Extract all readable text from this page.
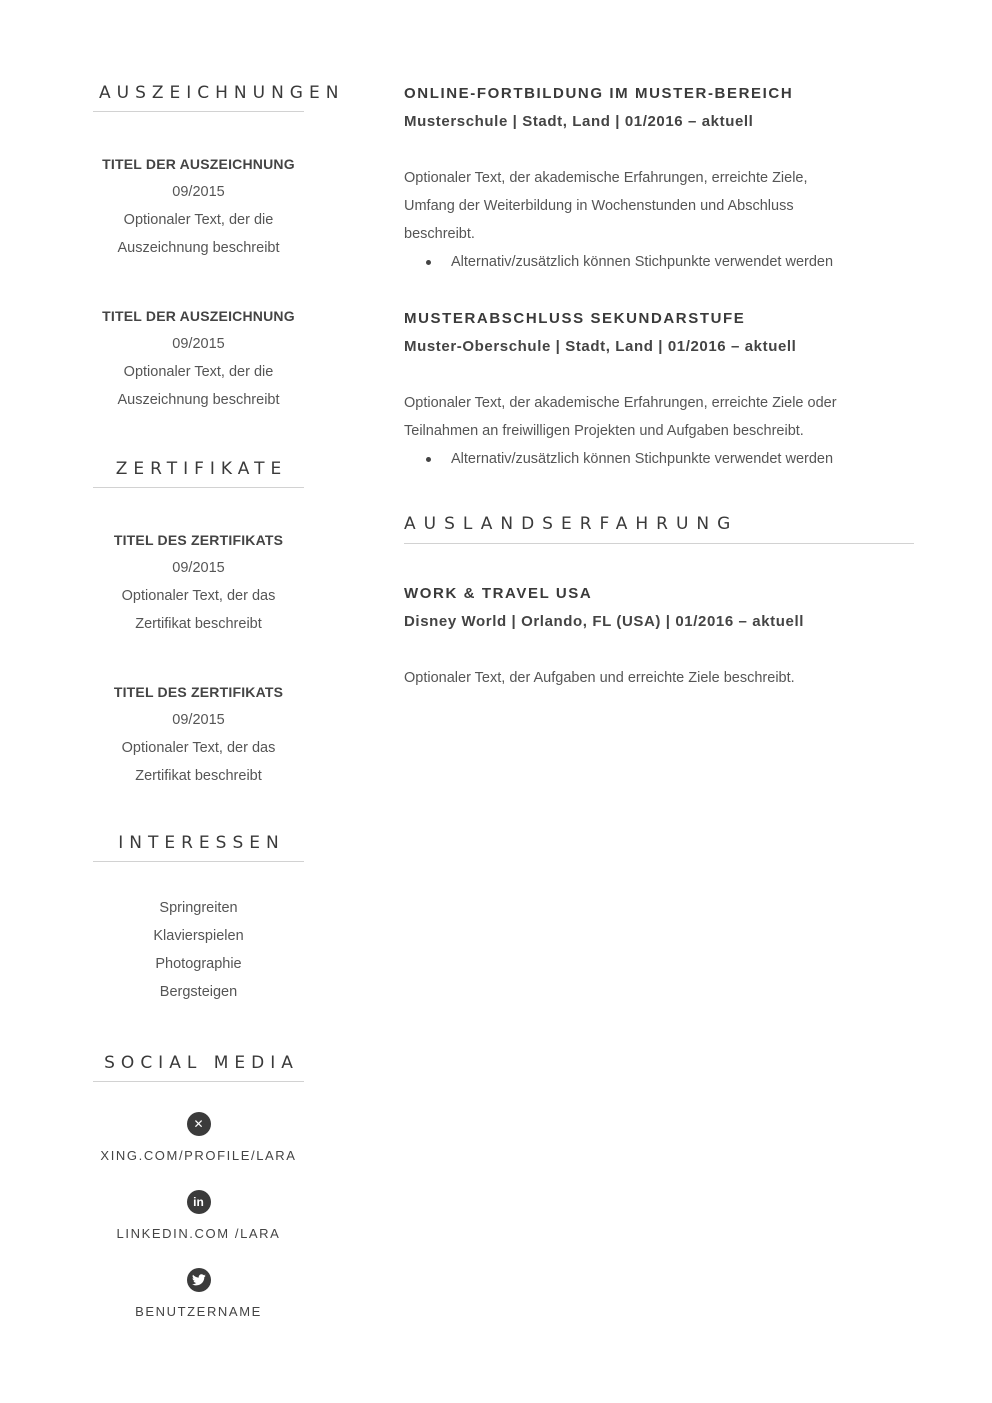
AUSZEICHNUNGEN
TITEL DER AUSZEICHNUNG
09/2015
Optionaler Text, der die
Auszeichnung beschreibt
TITEL DER AUSZEICHNUNG
09/2015
Optionaler Text, der die
Auszeichnung beschreibt
ZERTIFIKATE
TITEL DES ZERTIFIKATS
09/2015
Optionaler Text, der das
Zertifikat beschreibt
TITEL DES ZERTIFIKATS
09/2015
Optionaler Text, der das
Zertifikat beschreibt
INTERESSEN
Springreiten
Klavierspielen
Photographie
Bergsteigen
SOCIAL MEDIA
✕
XING.COM/PROFILE/LARA
in
LINKEDIN.COM /LARA
BENUTZERNAME
ONLINE-FORTBILDUNG IM MUSTER-BEREICH
Musterschule | Stadt, Land | 01/2016 – aktuell
Optionaler Text, der akademische Erfahrungen, erreichte Ziele,
Umfang der Weiterbildung in Wochenstunden und Abschluss
beschreibt.
Alternativ/zusätzlich können Stichpunkte verwendet werden
MUSTERABSCHLUSS SEKUNDARSTUFE
Muster-Oberschule | Stadt, Land | 01/2016 – aktuell
Optionaler Text, der akademische Erfahrungen, erreichte Ziele oder
Teilnahmen an freiwilligen Projekten und Aufgaben beschreibt.
Alternativ/zusätzlich können Stichpunkte verwendet werden
AUSLANDSERFAHRUNG
WORK & TRAVEL USA
Disney World | Orlando, FL (USA) | 01/2016 – aktuell
Optionaler Text, der Aufgaben und erreichte Ziele beschreibt.
